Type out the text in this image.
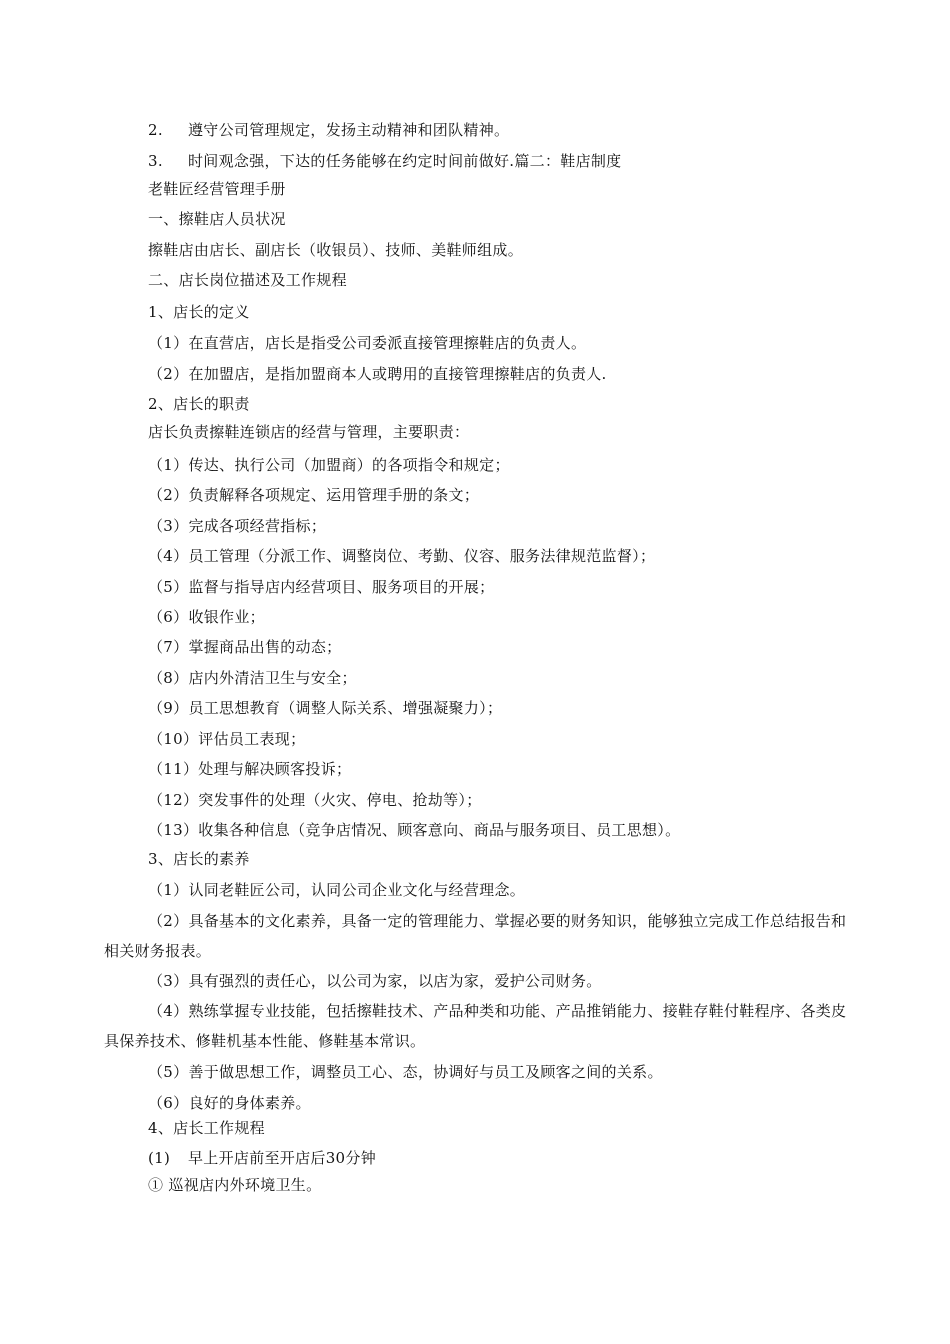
2. 遵守公司管理规定，发扬主动精神和团队精神。
3. 时间观念强，下达的任务能够在约定时间前做好.篇二：鞋店制度
老鞋匠经营管理手册
一、擦鞋店人员状况
擦鞋店由店长、副店长（收银员）、技师、美鞋师组成。
二、店长岗位描述及工作规程
1、店长的定义
（1）在直营店，店长是指受公司委派直接管理擦鞋店的负责人。
（2）在加盟店，是指加盟商本人或聘用的直接管理擦鞋店的负责人.
2、店长的职责
店长负责擦鞋连锁店的经营与管理，主要职责：
（1）传达、执行公司（加盟商）的各项指令和规定；
（2）负责解释各项规定、运用管理手册的条文；
（3）完成各项经营指标；
（4）员工管理（分派工作、调整岗位、考勤、仪容、服务法律规范监督）；
（5）监督与指导店内经营项目、服务项目的开展；
（6）收银作业；
（7）掌握商品出售的动态；
（8）店内外清洁卫生与安全；
（9）员工思想教育（调整人际关系、增强凝聚力）；
（10）评估员工表现；
（11）处理与解决顾客投诉；
（12）突发事件的处理（火灾、停电、抢劫等）；
（13）收集各种信息（竞争店情况、顾客意向、商品与服务项目、员工思想）。
3、店长的素养
（1）认同老鞋匠公司，认同公司企业文化与经营理念。
（2）具备基本的文化素养，具备一定的管理能力、掌握必要的财务知识，能够独立完成工作总结报告和相关财务报表。
（3）具有强烈的责任心，以公司为家，以店为家，爱护公司财务。
（4）熟练掌握专业技能，包括擦鞋技术、产品种类和功能、产品推销能力、接鞋存鞋付鞋程序、各类皮具保养技术、修鞋机基本性能、修鞋基本常识。
（5）善于做思想工作，调整员工心、态，协调好与员工及顾客之间的关系。
（6）良好的身体素养。
4、店长工作规程
(1) 早上开店前至开店后30分钟
① 巡视店内外环境卫生。
